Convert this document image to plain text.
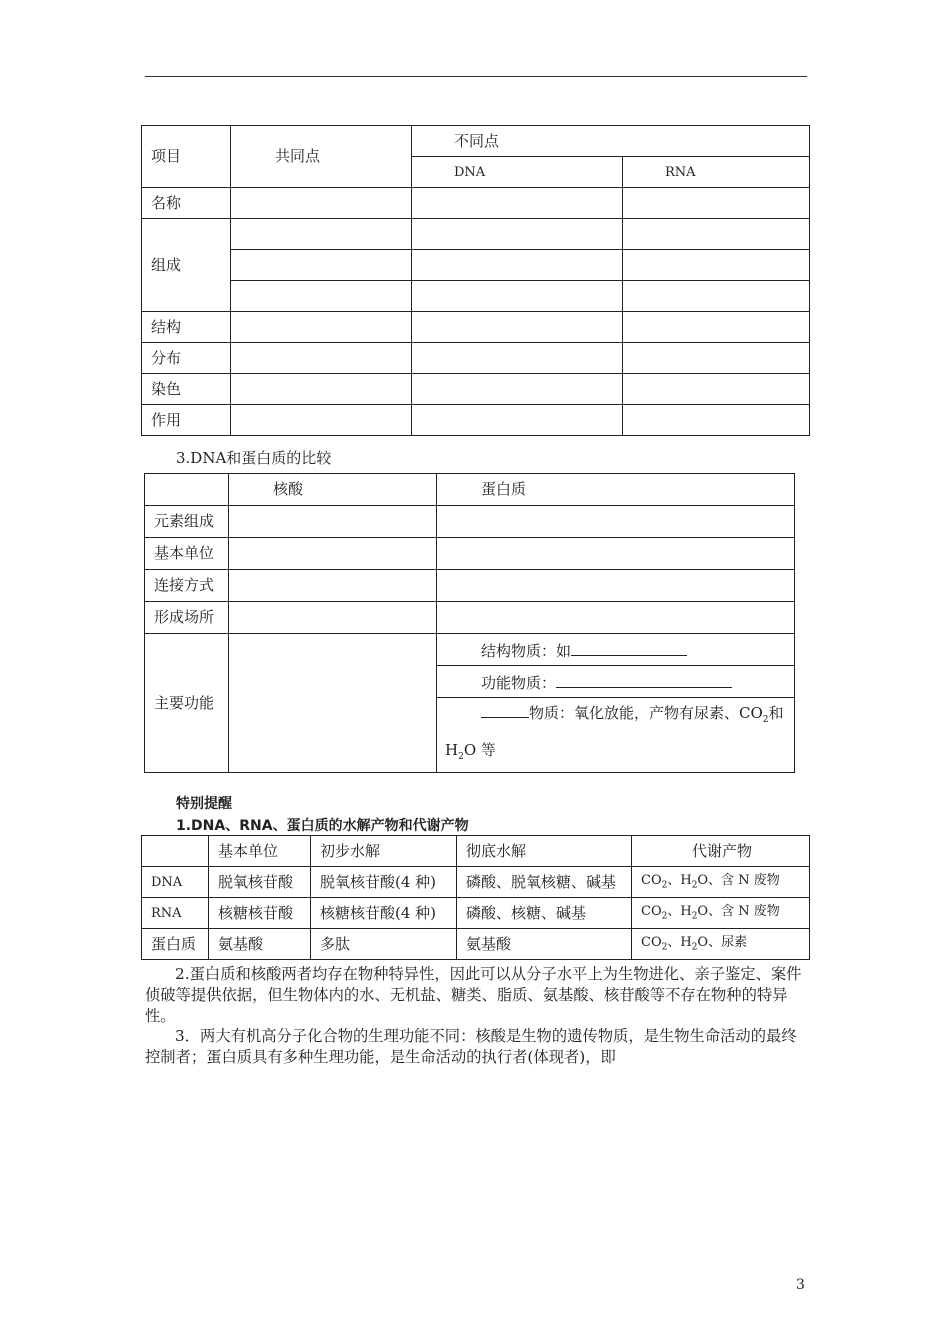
项目	共同点	不同点	
		DNA	RNA
名称			
组成			

结构			
分布			
染色			
作用			
3.DNA和蛋白质的比较
	核酸	蛋白质
元素组成		
基本单位		
连接方式		
形成场所		
主要功能		结构物质：如
		功能物质：
		物质：氧化放能，产物有尿素、$CO_2$和
$H_2O$ 等
特别提醒
1.DNA、RNA、蛋白质的水解产物和代谢产物
	基本单位	初步水解	彻底水解	代谢产物
DNA	脱氧核苷酸	脱氧核苷酸(4 种)	磷酸、脱氧核糖、碱基	$CO_2$、$H_2O$、含 N 废物
RNA	核糖核苷酸	核糖核苷酸(4 种)	磷酸、核糖、碱基	$CO_2$、$H_2O$、含 N 废物
蛋白质	氨基酸	多肽	氨基酸	$CO_2$、$H_2O$、尿素
2.蛋白质和核酸两者均存在物种特异性，因此可以从分子水平上为生物进化、亲子鉴定、案件侦破等提供依据，但生物体内的水、无机盐、糖类、脂质、氨基酸、核苷酸等不存在物种的特异性。
3．两大有机高分子化合物的生理功能不同：核酸是生物的遗传物质，是生物生命活动的最终控制者；蛋白质具有多种生理功能，是生命活动的执行者(体现者)，即
3
